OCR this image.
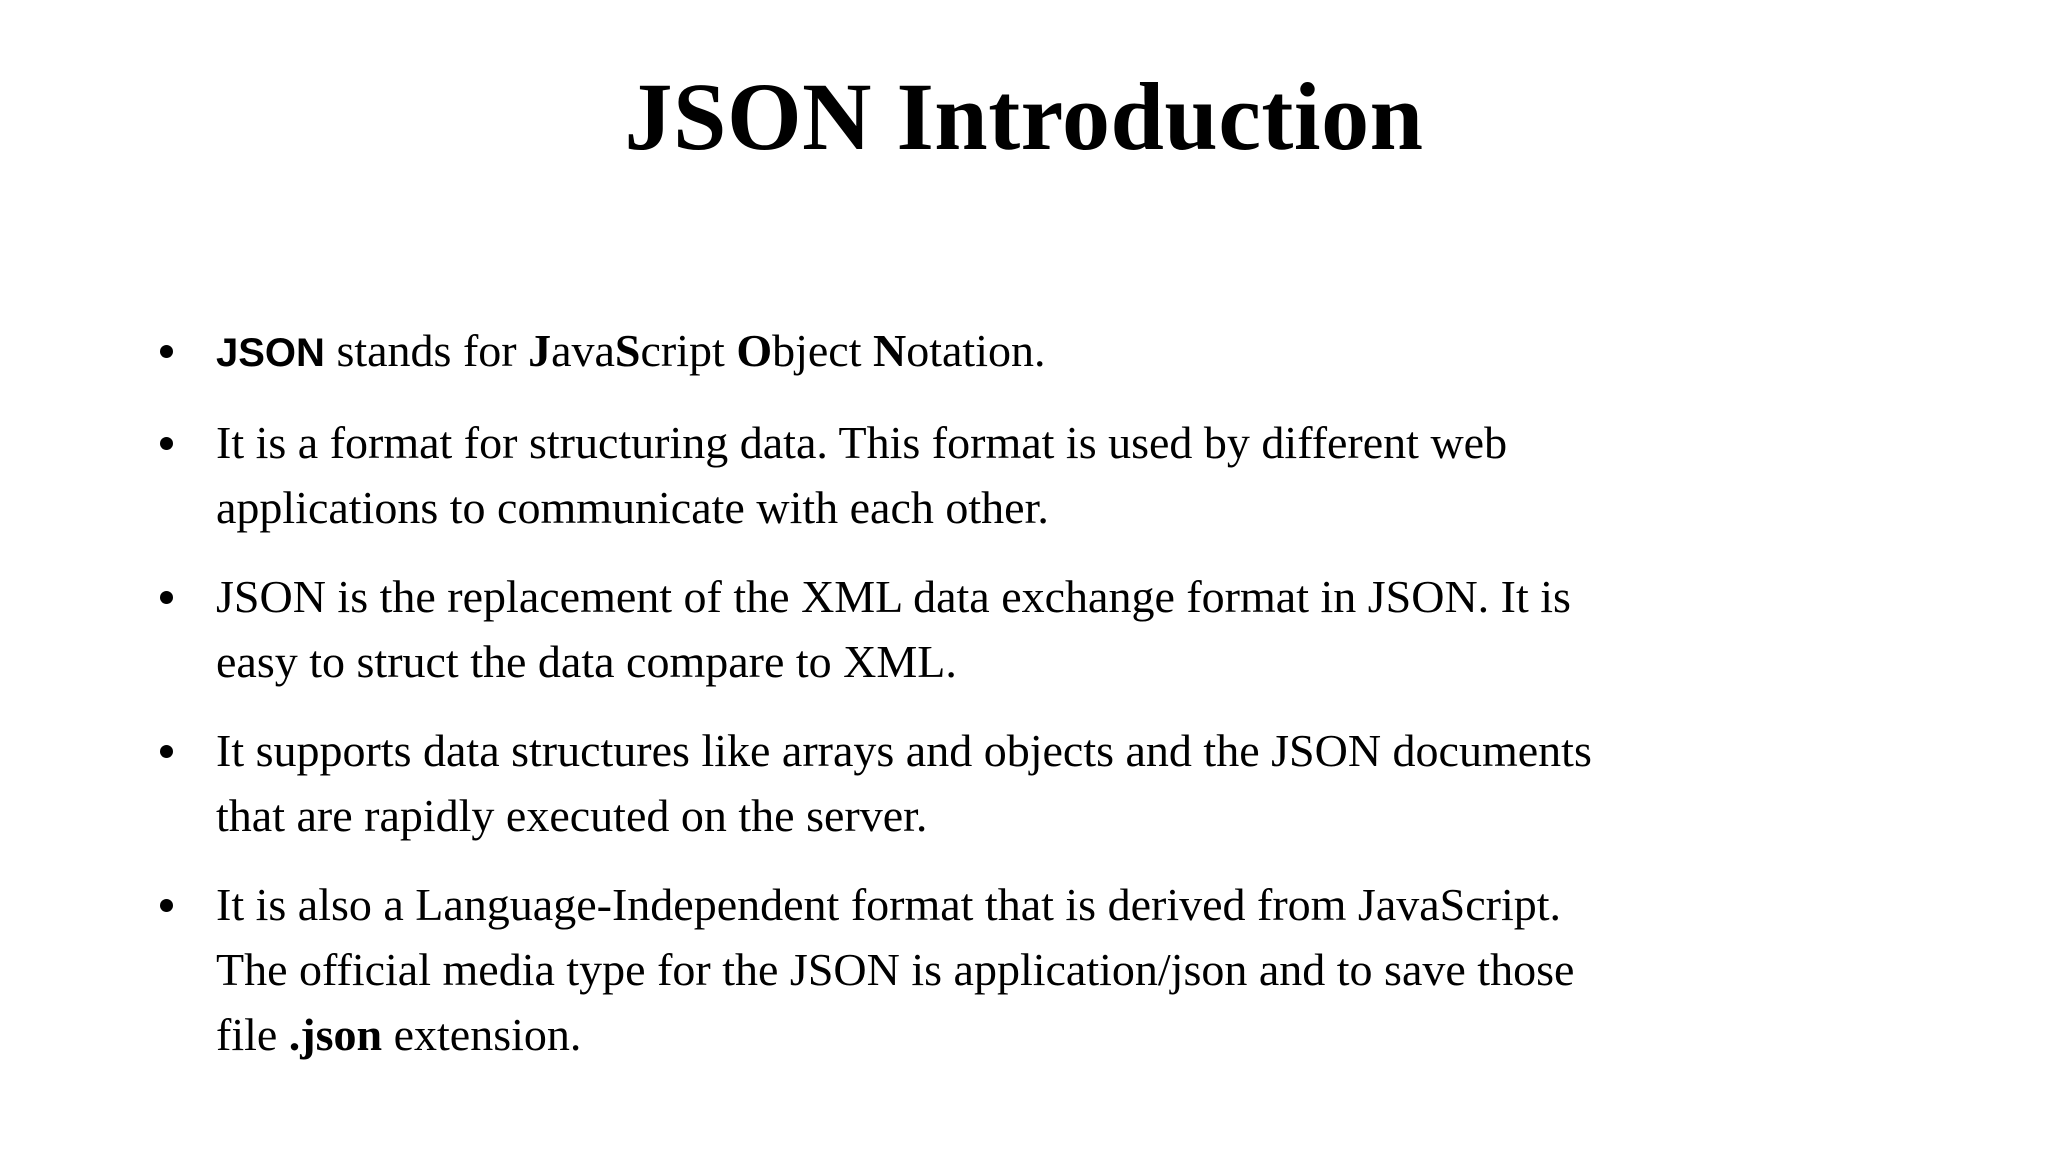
JSON Introduction
JSON stands for JavaScript Object Notation.
It is a format for structuring data. This format is used by different web
applications to communicate with each other.
JSON is the replacement of the XML data exchange format in JSON. It is
easy to struct the data compare to XML.
It supports data structures like arrays and objects and the JSON documents
that are rapidly executed on the server.
It is also a Language-Independent format that is derived from JavaScript.
The official media type for the JSON is application/json and to save those
file .json extension.
